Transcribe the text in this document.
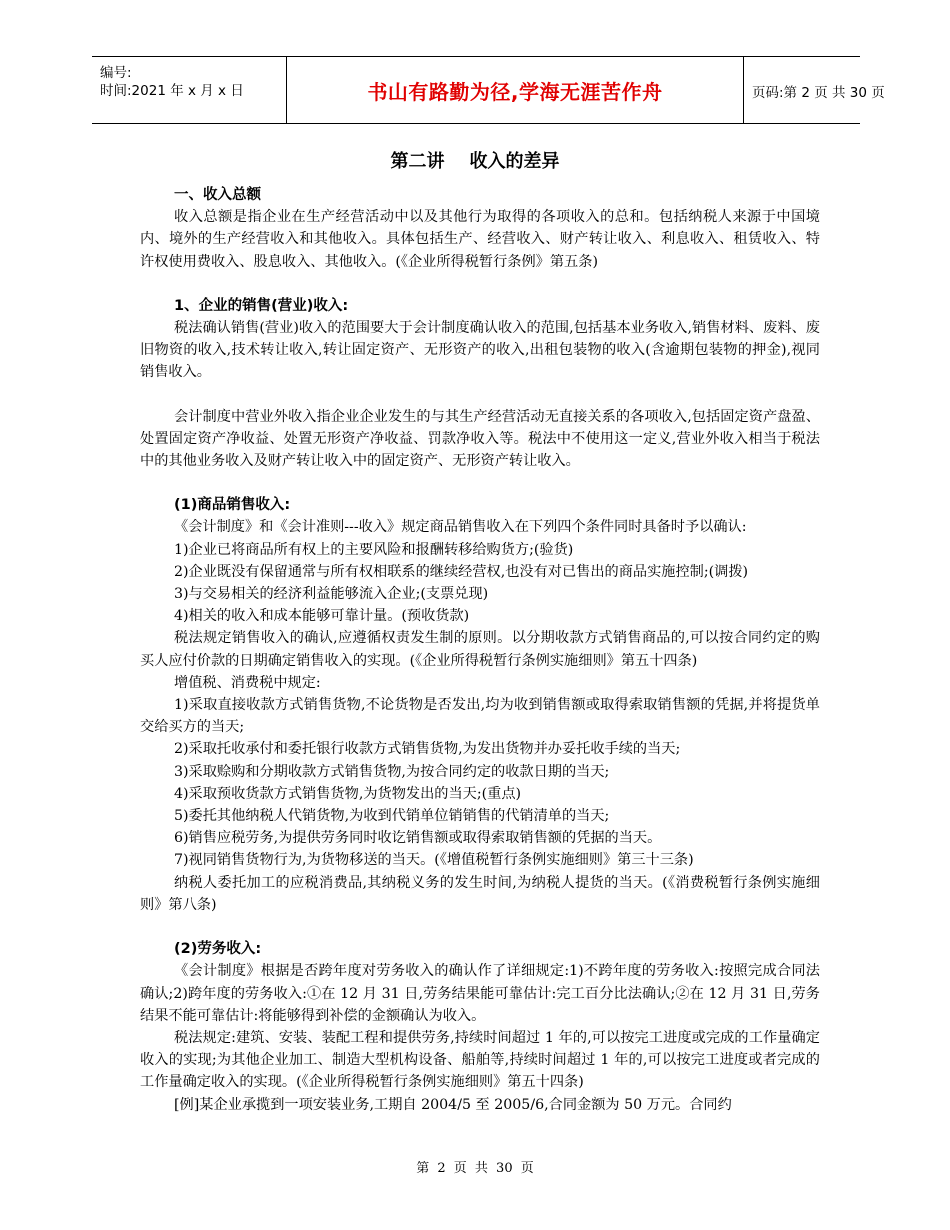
编号:
时间:2021 年 x 月 x 日	书山有路勤为径,学海无涯苦作舟	页码:第 2 页 共 30 页
第二讲    收入的差异

一、收入总额

收入总额是指企业在生产经营活动中以及其他行为取得的各项收入的总和。包括纳税人来源于中国境内、境外的生产经营收入和其他收入。具体包括生产、经营收入、财产转让收入、利息收入、租赁收入、特许权使用费收入、股息收入、其他收入。(《企业所得税暂行条例》第五条)

1、企业的销售(营业)收入:

税法确认销售(营业)收入的范围要大于会计制度确认收入的范围,包括基本业务收入,销售材料、废料、废旧物资的收入,技术转让收入,转让固定资产、无形资产的收入,出租包装物的收入(含逾期包装物的押金),视同销售收入。

会计制度中营业外收入指企业企业发生的与其生产经营活动无直接关系的各项收入,包括固定资产盘盈、处置固定资产净收益、处置无形资产净收益、罚款净收入等。税法中不使用这一定义,营业外收入相当于税法中的其他业务收入及财产转让收入中的固定资产、无形资产转让收入。

(1)商品销售收入:

《会计制度》和《会计准则---收入》规定商品销售收入在下列四个条件同时具备时予以确认:

1)企业已将商品所有权上的主要风险和报酬转移给购货方;(验货)

2)企业既没有保留通常与所有权相联系的继续经营权,也没有对已售出的商品实施控制;(调拨)

3)与交易相关的经济利益能够流入企业;(支票兑现)

4)相关的收入和成本能够可靠计量。(预收货款)

税法规定销售收入的确认,应遵循权责发生制的原则。以分期收款方式销售商品的,可以按合同约定的购买人应付价款的日期确定销售收入的实现。(《企业所得税暂行条例实施细则》第五十四条)

增值税、消费税中规定:

1)采取直接收款方式销售货物,不论货物是否发出,均为收到销售额或取得索取销售额的凭据,并将提货单交给买方的当天;

2)采取托收承付和委托银行收款方式销售货物,为发出货物并办妥托收手续的当天;

3)采取赊购和分期收款方式销售货物,为按合同约定的收款日期的当天;

4)采取预收货款方式销售货物,为货物发出的当天;(重点)

5)委托其他纳税人代销货物,为收到代销单位销销售的代销清单的当天;

6)销售应税劳务,为提供劳务同时收讫销售额或取得索取销售额的凭据的当天。

7)视同销售货物行为,为货物移送的当天。(《增值税暂行条例实施细则》第三十三条)

纳税人委托加工的应税消费品,其纳税义务的发生时间,为纳税人提货的当天。(《消费税暂行条例实施细则》第八条)

(2)劳务收入:

《会计制度》根据是否跨年度对劳务收入的确认作了详细规定:1)不跨年度的劳务收入:按照完成合同法确认;2)跨年度的劳务收入:①在 12 月 31 日,劳务结果能可靠估计:完工百分比法确认;②在 12 月 31 日,劳务结果不能可靠估计:将能够得到补偿的金额确认为收入。

税法规定:建筑、安装、装配工程和提供劳务,持续时间超过 1 年的,可以按完工进度或完成的工作量确定收入的实现;为其他企业加工、制造大型机构设备、船舶等,持续时间超过 1 年的,可以按完工进度或者完成的工作量确定收入的实现。(《企业所得税暂行条例实施细则》第五十四条)

[例]某企业承揽到一项安装业务,工期自 2004/5 至 2005/6,合同金额为 50 万元。合同约

第 2 页 共 30 页
